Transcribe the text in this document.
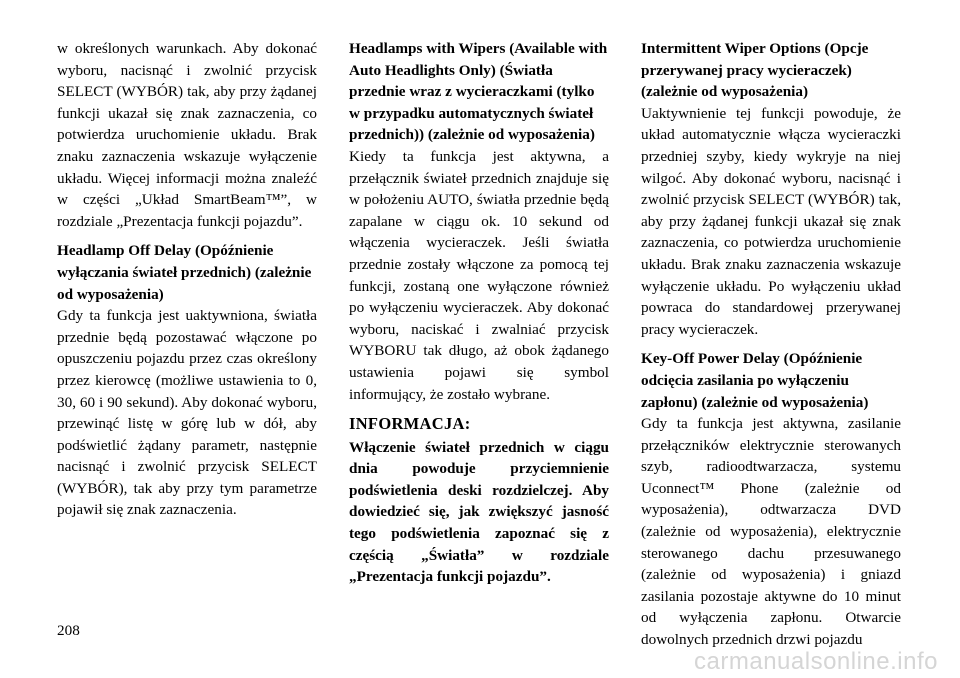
w określonych warunkach. Aby dokonać wyboru, nacisnąć i zwolnić przycisk SELECT (WYBÓR) tak, aby przy żądanej funkcji ukazał się znak zaznaczenia, co potwierdza uruchomienie układu. Brak znaku zaznaczenia wskazuje wyłączenie układu. Więcej informacji można znaleźć w części „Układ SmartBeam™”, w rozdziale „Prezentacja funkcji pojazdu”.

Headlamp Off Delay (Opóźnienie wyłączania świateł przednich) (zależnie od wyposażenia)

Gdy ta funkcja jest uaktywniona, światła przednie będą pozostawać włączone po opuszczeniu pojazdu przez czas określony przez kierowcę (możliwe ustawienia to 0, 30, 60 i 90 sekund). Aby dokonać wyboru, przewinąć listę w górę lub w dół, aby podświetlić żądany parametr, następnie nacisnąć i zwolnić przycisk SELECT (WYBÓR), tak aby przy tym parametrze pojawił się znak zaznaczenia.

Headlamps with Wipers (Available with Auto Headlights Only) (Światła przednie wraz z wycieraczkami (tylko w przypadku automatycznych świateł przednich)) (zależnie od wyposażenia)

Kiedy ta funkcja jest aktywna, a przełącznik świateł przednich znajduje się w położeniu AUTO, światła przednie będą zapalane w ciągu ok. 10 sekund od włączenia wycieraczek. Jeśli światła przednie zostały włączone za pomocą tej funkcji, zostaną one wyłączone również po wyłączeniu wycieraczek. Aby dokonać wyboru, naciskać i zwalniać przycisk WYBORU tak długo, aż obok żądanego ustawienia pojawi się symbol informujący, że zostało wybrane.

INFORMACJA:

Włączenie świateł przednich w ciągu dnia powoduje przyciemnienie podświetlenia deski rozdzielczej. Aby dowiedzieć się, jak zwiększyć jasność tego podświetlenia zapoznać się z częścią „Światła” w rozdziale „Prezentacja funkcji pojazdu”.

Intermittent Wiper Options (Opcje przerywanej pracy wycieraczek) (zależnie od wyposażenia)

Uaktywnienie tej funkcji powoduje, że układ automatycznie włącza wycieraczki przedniej szyby, kiedy wykryje na niej wilgoć. Aby dokonać wyboru, nacisnąć i zwolnić przycisk SELECT (WYBÓR) tak, aby przy żądanej funkcji ukazał się znak zaznaczenia, co potwierdza uruchomienie układu. Brak znaku zaznaczenia wskazuje wyłączenie układu. Po wyłączeniu układ powraca do standardowej przerywanej pracy wycieraczek.

Key-Off Power Delay (Opóźnienie odcięcia zasilania po wyłączeniu zapłonu) (zależnie od wyposażenia)

Gdy ta funkcja jest aktywna, zasilanie przełączników elektrycznie sterowanych szyb, radioodtwarzacza, systemu Uconnect™ Phone (zależnie od wyposażenia), odtwarzacza DVD (zależnie od wyposażenia), elektrycznie sterowanego dachu przesuwanego (zależnie od wyposażenia) i gniazd zasilania pozostaje aktywne do 10 minut od wyłączenia zapłonu. Otwarcie dowolnych przednich drzwi pojazdu

208
carmanualsonline.info
